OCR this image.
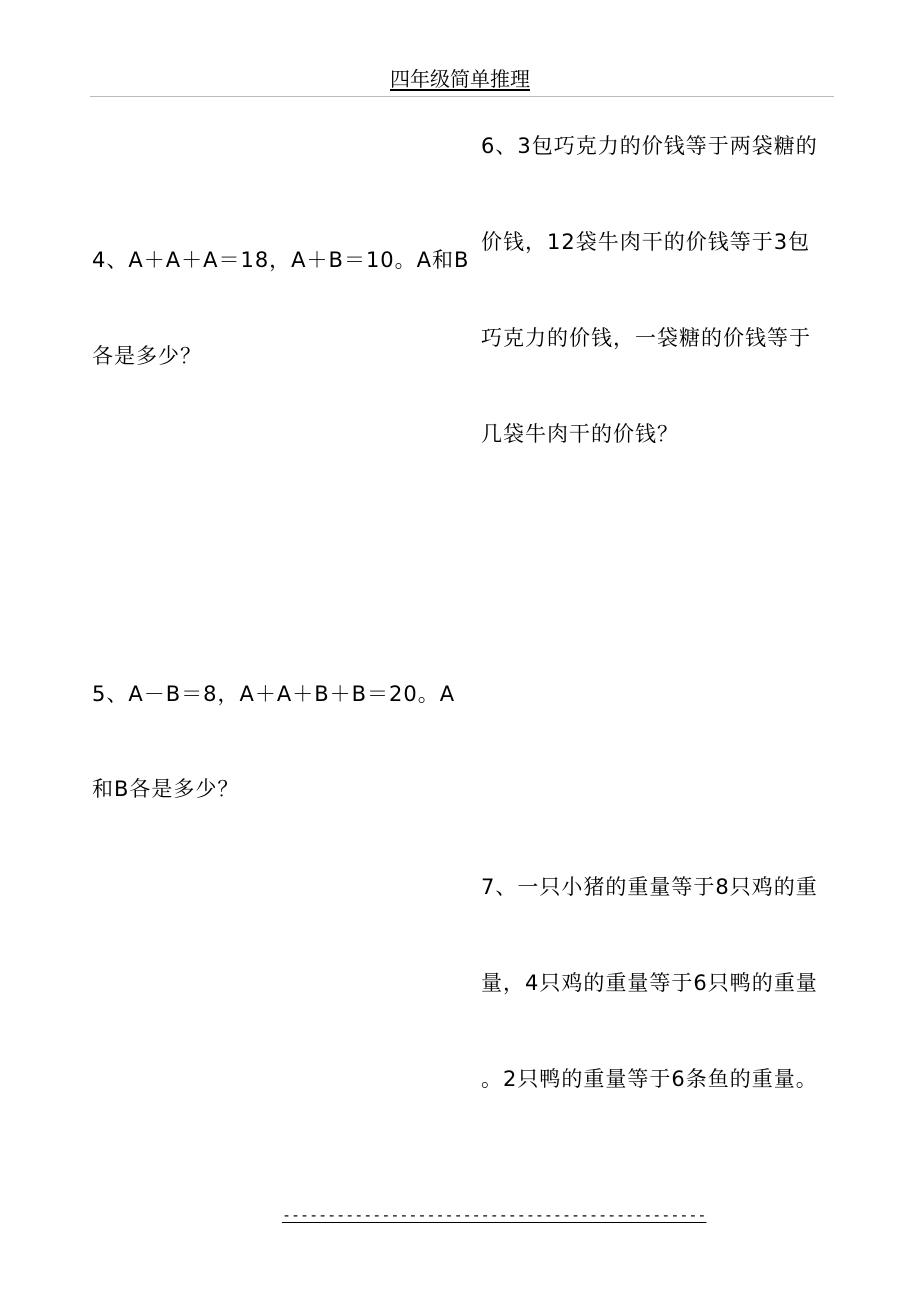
四年级简单推理
4、A＋A＋A＝18，A＋B＝10。A和B
各是多少？
5、A－B＝8，A＋A＋B＋B＝20。A
和B各是多少？
6、3包巧克力的价钱等于两袋糖的
价钱，12袋牛肉干的价钱等于3包
巧克力的价钱，一袋糖的价钱等于
几袋牛肉干的价钱？
7、一只小猪的重量等于8只鸡的重
量，4只鸡的重量等于6只鸭的重量
。2只鸭的重量等于6条鱼的重量。
-----------------------------------------------
